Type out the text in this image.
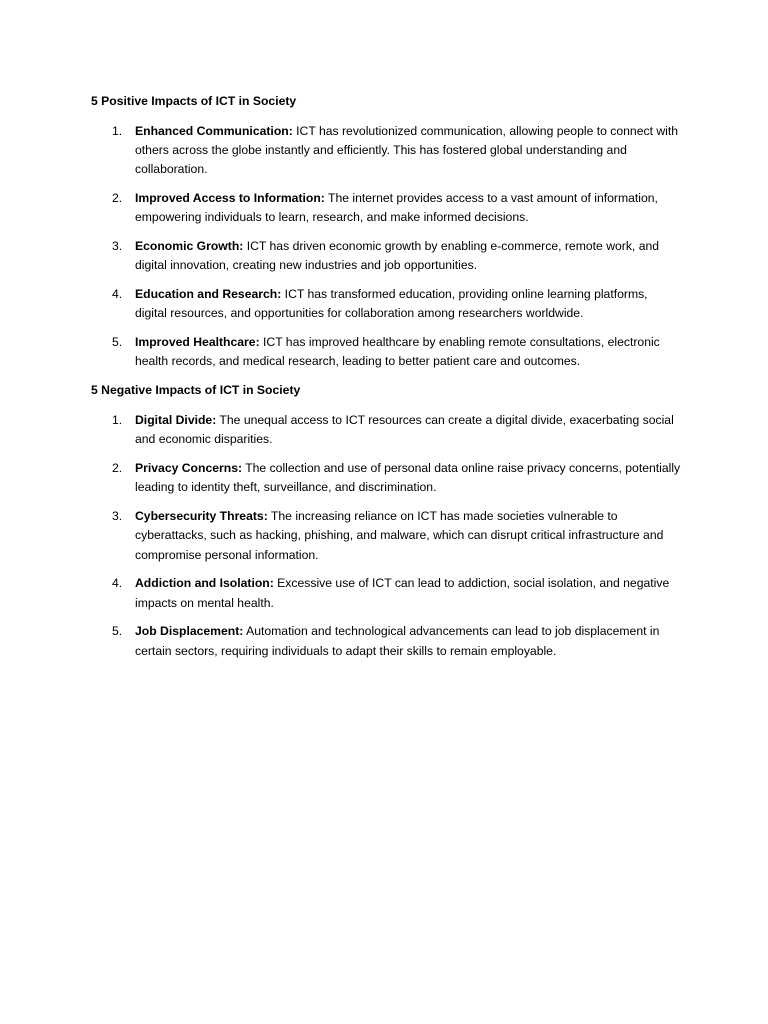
5 Positive Impacts of ICT in Society
1. Enhanced Communication: ICT has revolutionized communication, allowing people to connect with others across the globe instantly and efficiently. This has fostered global understanding and collaboration.
2. Improved Access to Information: The internet provides access to a vast amount of information, empowering individuals to learn, research, and make informed decisions.
3. Economic Growth: ICT has driven economic growth by enabling e-commerce, remote work, and digital innovation, creating new industries and job opportunities.
4. Education and Research: ICT has transformed education, providing online learning platforms, digital resources, and opportunities for collaboration among researchers worldwide.
5. Improved Healthcare: ICT has improved healthcare by enabling remote consultations, electronic health records, and medical research, leading to better patient care and outcomes.
5 Negative Impacts of ICT in Society
1. Digital Divide: The unequal access to ICT resources can create a digital divide, exacerbating social and economic disparities.
2. Privacy Concerns: The collection and use of personal data online raise privacy concerns, potentially leading to identity theft, surveillance, and discrimination.
3. Cybersecurity Threats: The increasing reliance on ICT has made societies vulnerable to cyberattacks, such as hacking, phishing, and malware, which can disrupt critical infrastructure and compromise personal information.
4. Addiction and Isolation: Excessive use of ICT can lead to addiction, social isolation, and negative impacts on mental health.
5. Job Displacement: Automation and technological advancements can lead to job displacement in certain sectors, requiring individuals to adapt their skills to remain employable.
